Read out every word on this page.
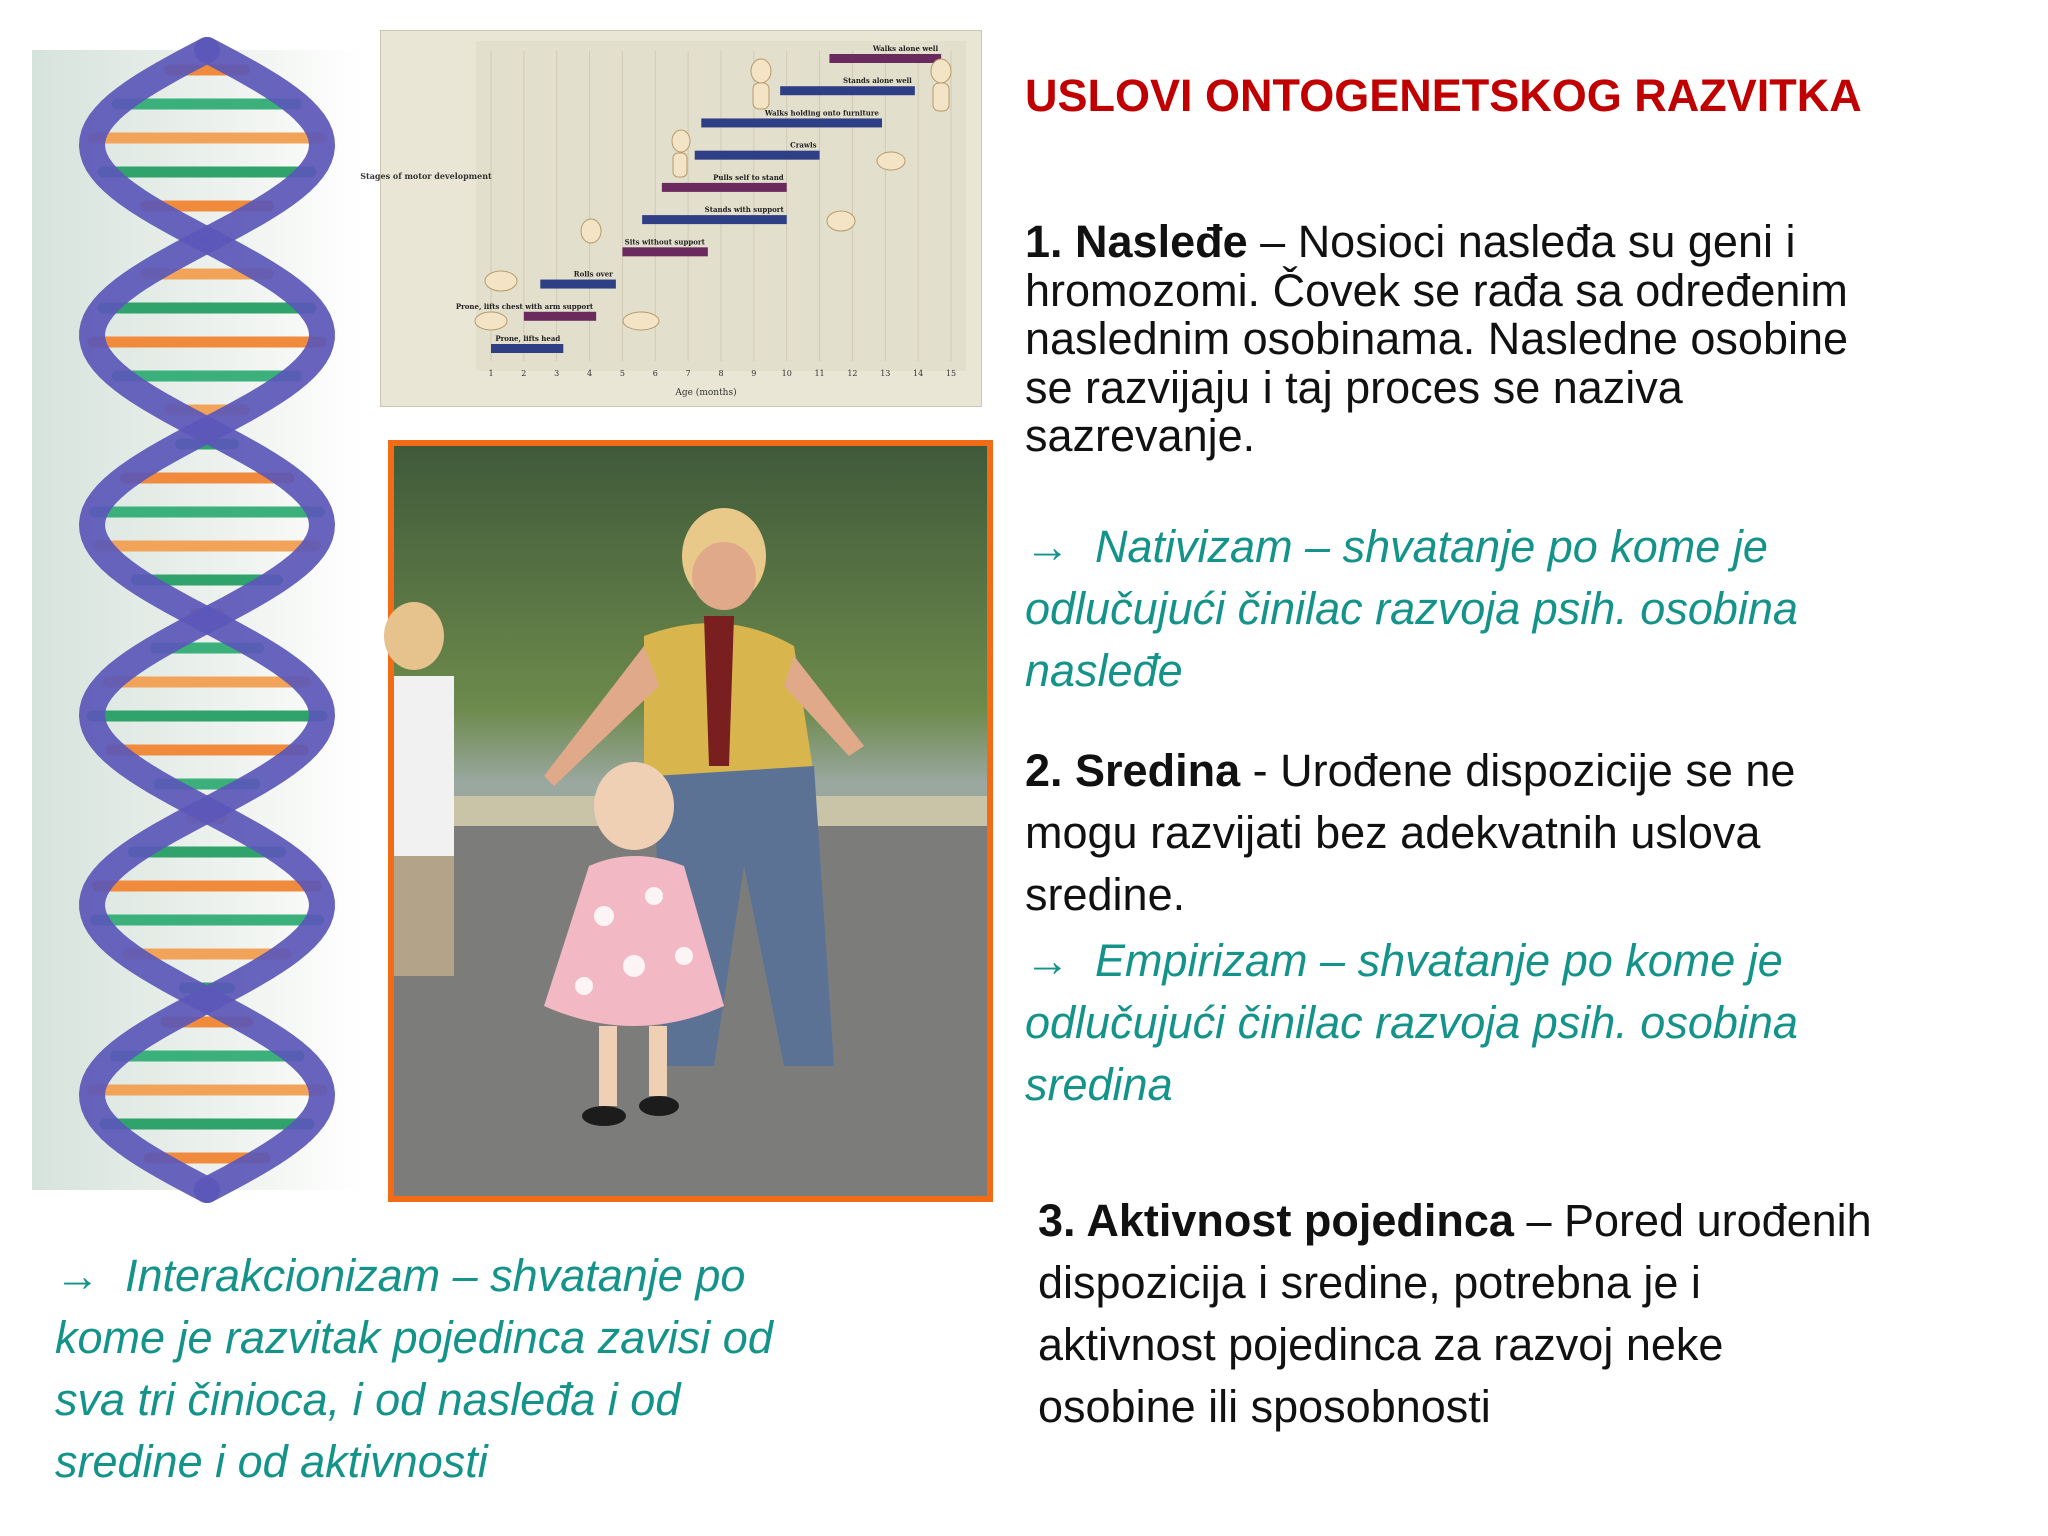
USLOVI ONTOGENETSKOG RAZVITKA
Stages of motor development
Prone, lifts head
Prone, lifts chest with arm support
Rolls over
Sits without support
Stands with support
Pulls self to stand
Crawls
Walks holding onto furniture
Stands alone well
Walks alone well
1	2	3	4	5	6	7	8	9	10	11	12	13	14	15
Age (months)
1. Nasleđe – Nosioci nasleđa su geni i
hromozomi. Čovek se rađa sa određenim
naslednim osobinama. Nasledne osobine
se razvijaju i taj proces se naziva
sazrevanje.
→ Nativizam – shvatanje po kome je
odlučujući činilac razvoja psih. osobina
nasleđe
2. Sredina - Urođene dispozicije se ne
mogu razvijati bez adekvatnih uslova
sredine.
→ Empirizam – shvatanje po kome je
odlučujući činilac razvoja psih. osobina
sredina
3. Aktivnost pojedinca – Pored urođenih
dispozicija i sredine, potrebna je i
aktivnost pojedinca za razvoj neke
osobine ili sposobnosti
→ Interakcionizam – shvatanje po
kome je razvitak pojedinca zavisi od
sva tri činioca, i od nasleđa i od
sredine i od aktivnosti
